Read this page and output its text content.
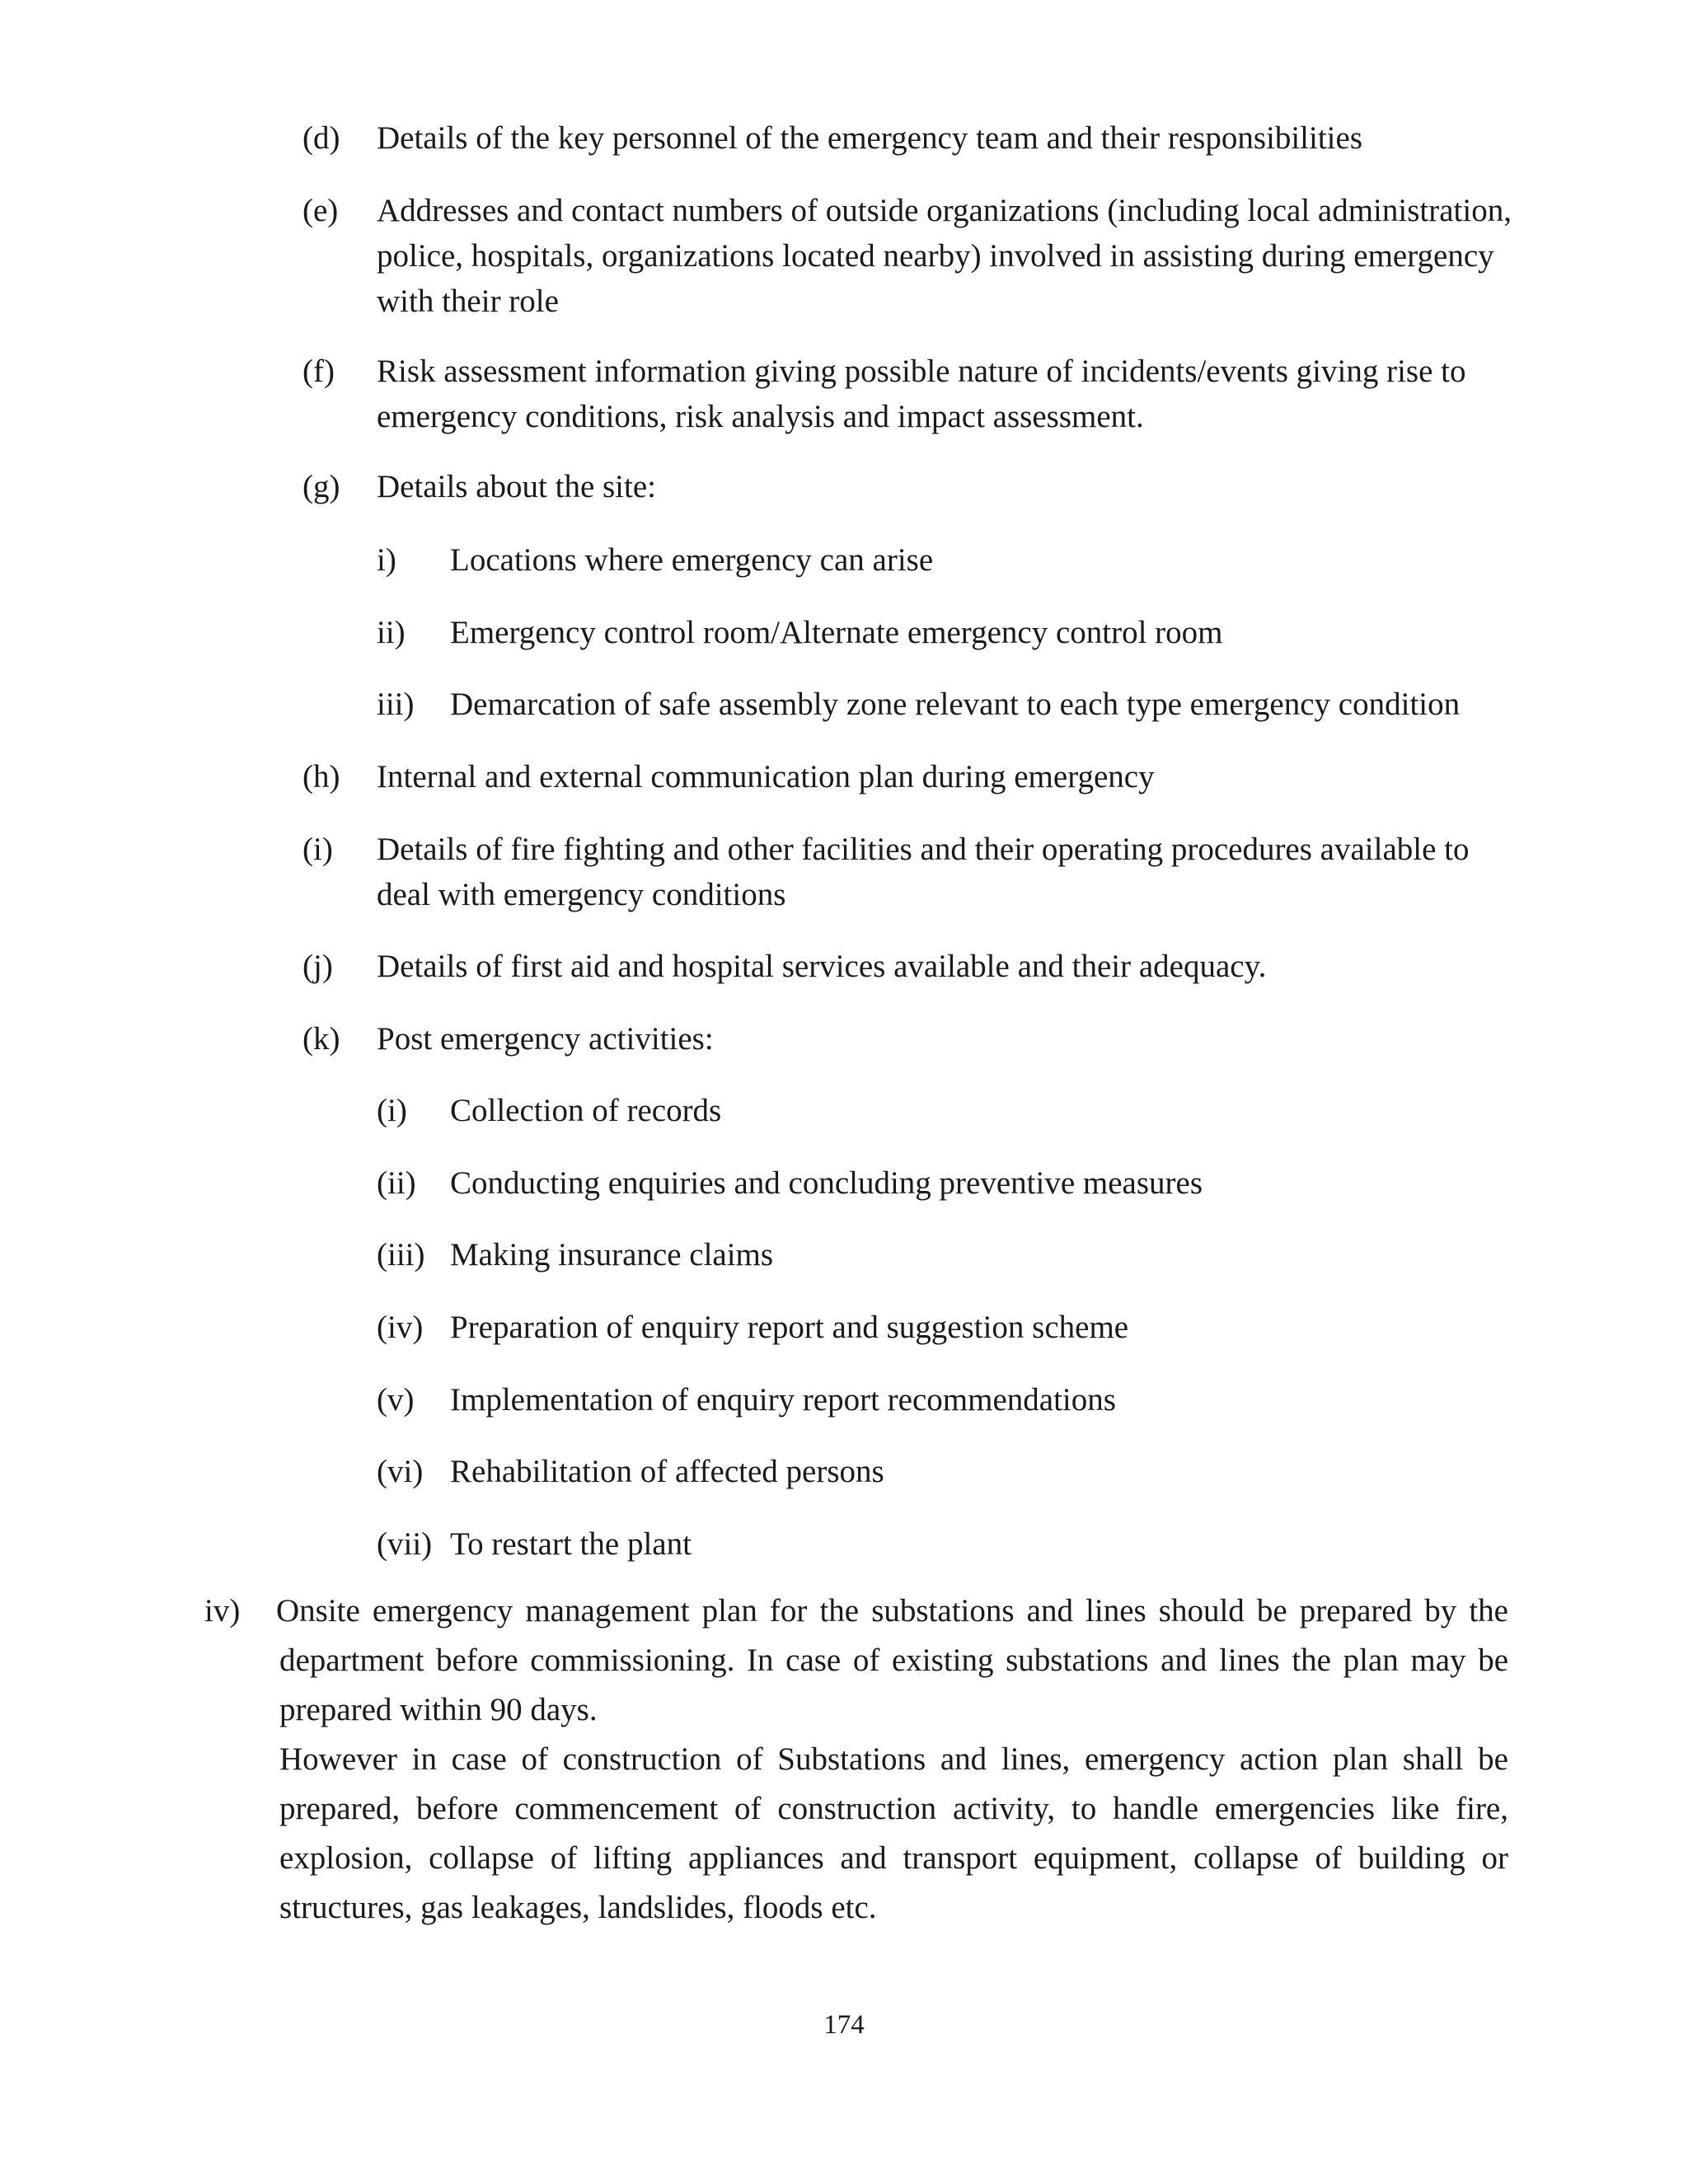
(d) Details of the key personnel of the emergency team and their responsibilities
(e) Addresses and contact numbers of outside organizations (including local administration, police, hospitals, organizations located nearby) involved in assisting during emergency with their role
(f) Risk assessment information giving possible nature of incidents/events giving rise to emergency conditions, risk analysis and impact assessment.
(g) Details about the site:
i) Locations where emergency can arise
ii) Emergency control room/Alternate emergency control room
iii) Demarcation of safe assembly zone relevant to each type emergency condition
(h) Internal and external communication plan during emergency
(i) Details of fire fighting and other facilities and their operating procedures available to deal with emergency conditions
(j) Details of first aid and hospital services available and their adequacy.
(k) Post emergency activities:
(i) Collection of records
(ii) Conducting enquiries and concluding preventive measures
(iii) Making insurance claims
(iv) Preparation of enquiry report and suggestion scheme
(v) Implementation of enquiry report recommendations
(vi) Rehabilitation of affected persons
(vii) To restart the plant
iv) Onsite emergency management plan for the substations and lines should be prepared by the department before commissioning. In case of existing substations and lines the plan may be prepared within 90 days.

However in case of construction of Substations and lines, emergency action plan shall be prepared, before commencement of construction activity, to handle emergencies like fire, explosion, collapse of lifting appliances and transport equipment, collapse of building or structures, gas leakages, landslides, floods etc.

174
